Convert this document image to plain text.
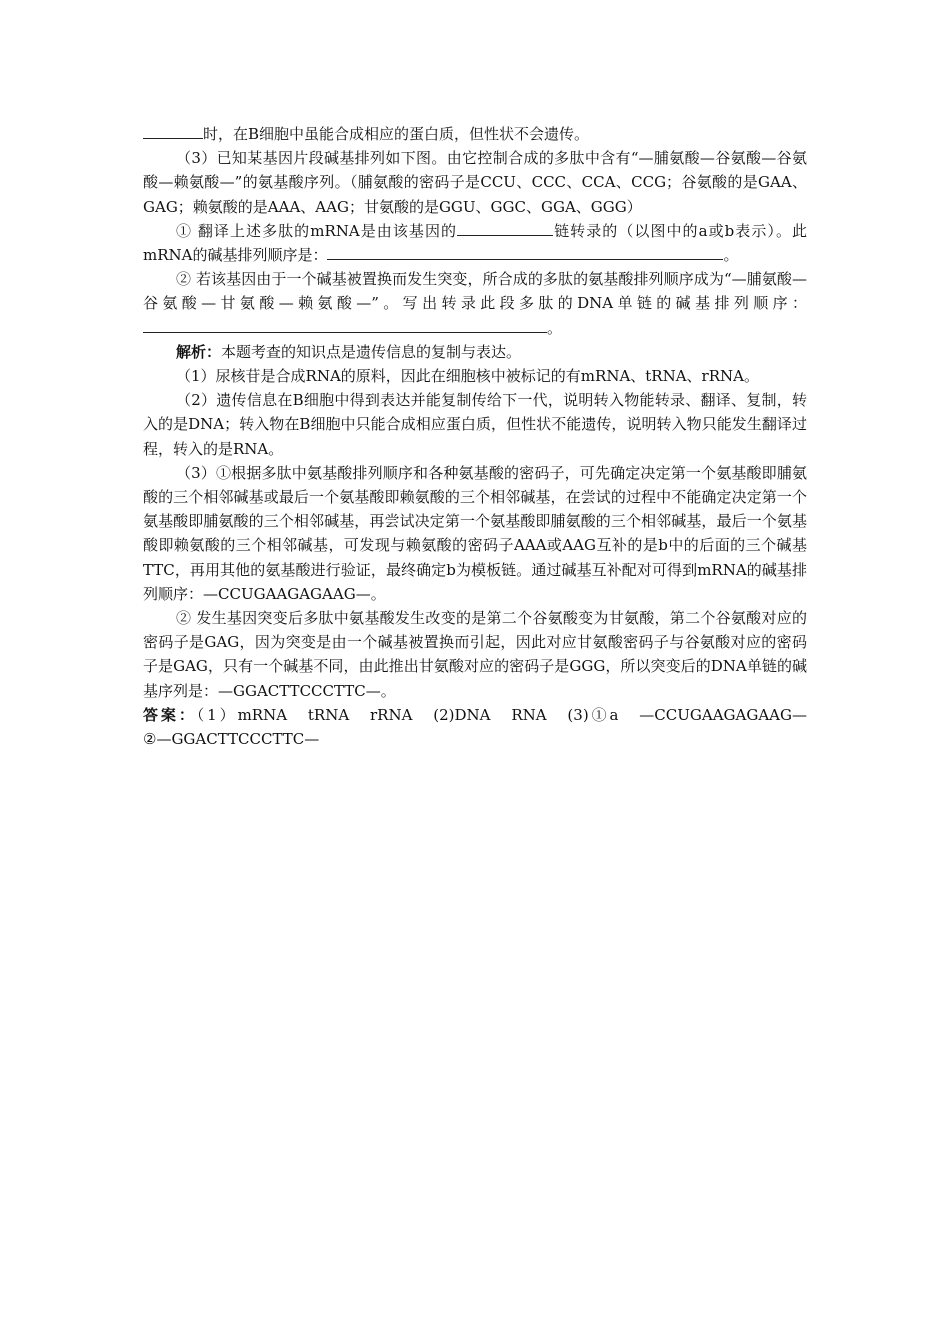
时，在B细胞中虽能合成相应的蛋白质，但性状不会遗传。

（3）已知某基因片段碱基排列如下图。由它控制合成的多肽中含有“—脯氨酸—谷氨酸—谷氨酸—赖氨酸—”的氨基酸序列。（脯氨酸的密码子是CCU、CCC、CCA、CCG；谷氨酸的是GAA、GAG；赖氨酸的是AAA、AAG；甘氨酸的是GGU、GGC、GGA、GGG）

① 翻译上述多肽的mRNA是由该基因的	链转录的（以图中的a或b表示）。此mRNA的碱基排列顺序是：	。

② 若该基因由于一个碱基被置换而发生突变，所合成的多肽的氨基酸排列顺序成为“—脯氨酸—谷氨酸—甘氨酸—赖氨酸—”。写出转录此段多肽的DNA单链的碱基排列顺序：。

解析：本题考查的知识点是遗传信息的复制与表达。

（1）尿核苷是合成RNA的原料，因此在细胞核中被标记的有mRNA、tRNA、rRNA。

（2）遗传信息在B细胞中得到表达并能复制传给下一代，说明转入物能转录、翻译、复制，转入的是DNA；转入物在B细胞中只能合成相应蛋白质，但性状不能遗传，说明转入物只能发生翻译过程，转入的是RNA。

（3）①根据多肽中氨基酸排列顺序和各种氨基酸的密码子，可先确定决定第一个氨基酸即脯氨酸的三个相邻碱基或最后一个氨基酸即赖氨酸的三个相邻碱基，在尝试的过程中不能确定决定第一个氨基酸即脯氨酸的三个相邻碱基，再尝试决定第一个氨基酸即脯氨酸的三个相邻碱基，最后一个氨基酸即赖氨酸的三个相邻碱基，可发现与赖氨酸的密码子AAA或AAG互补的是b中的后面的三个碱基TTC，再用其他的氨基酸进行验证，最终确定b为模板链。通过碱基互补配对可得到mRNA的碱基排列顺序：—CCUGAAGAGAAG—。

② 发生基因突变后多肽中氨基酸发生改变的是第二个谷氨酸变为甘氨酸，第二个谷氨酸对应的密码子是GAG，因为突变是由一个碱基被置换而引起，因此对应甘氨酸密码子与谷氨酸对应的密码子是GAG，只有一个碱基不同，由此推出甘氨酸对应的密码子是GGG，所以突变后的DNA单链的碱基序列是：—GGACTTCCCTTC—。

答案：（1）mRNA　tRNA　rRNA　(2)DNA　RNA　(3)①a　—CCUGAAGAGAAG—

②—GGACTTCCCTTC—
